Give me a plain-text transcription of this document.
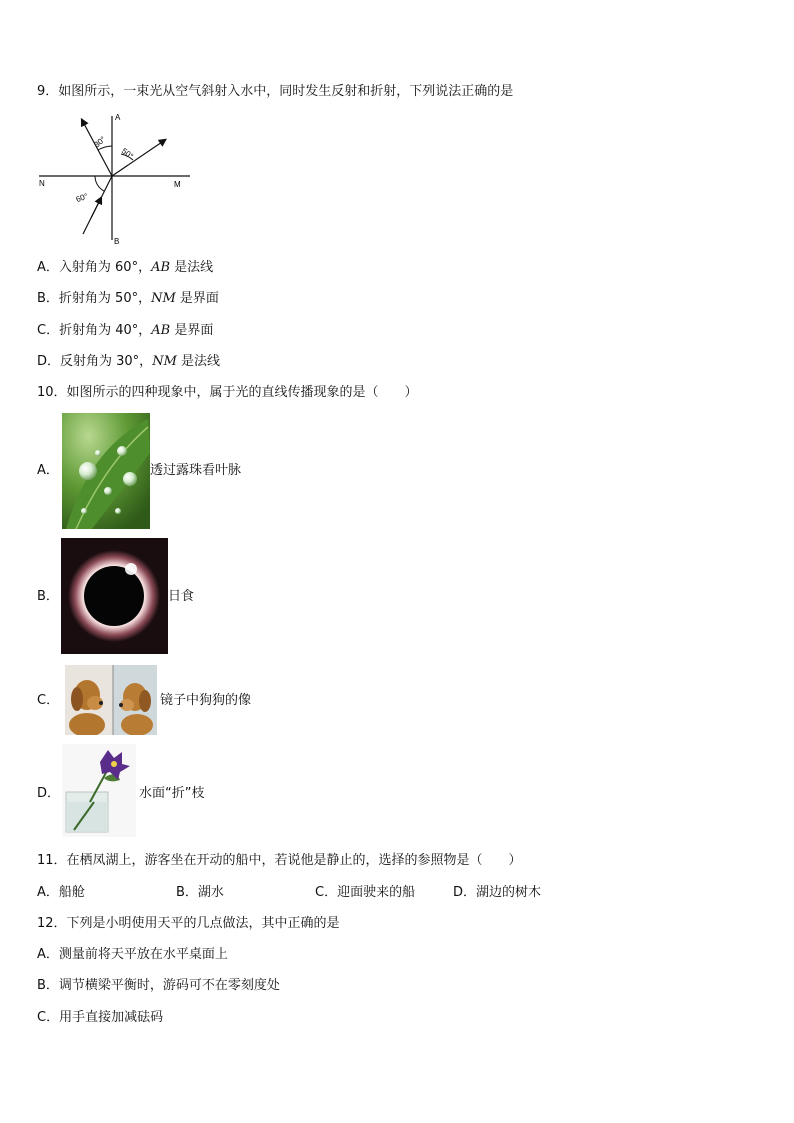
9．如图所示，一束光从空气斜射入水中，同时发生反射和折射，下列说法正确的是
A
B
N	M
30°
50°
60°
A．入射角为 60°，AB 是法线
B．折射角为 50°，NM 是界面
C．折射角为 40°，AB 是界面
D．反射角为 30°，NM 是法线
10．如图所示的四种现象中，属于光的直线传播现象的是（　　）
A．	透过露珠看叶脉
B．	日食
C．	镜子中狗狗的像
D．	水面“折”枝
11．在栖凤湖上，游客坐在开动的船中，若说他是静止的，选择的参照物是（　　）
A．船舱	B．湖水	C．迎面驶来的船	D．湖边的树木
12．下列是小明使用天平的几点做法，其中正确的是
A．测量前将天平放在水平桌面上
B．调节横梁平衡时，游码可不在零刻度处
C．用手直接加减砝码
